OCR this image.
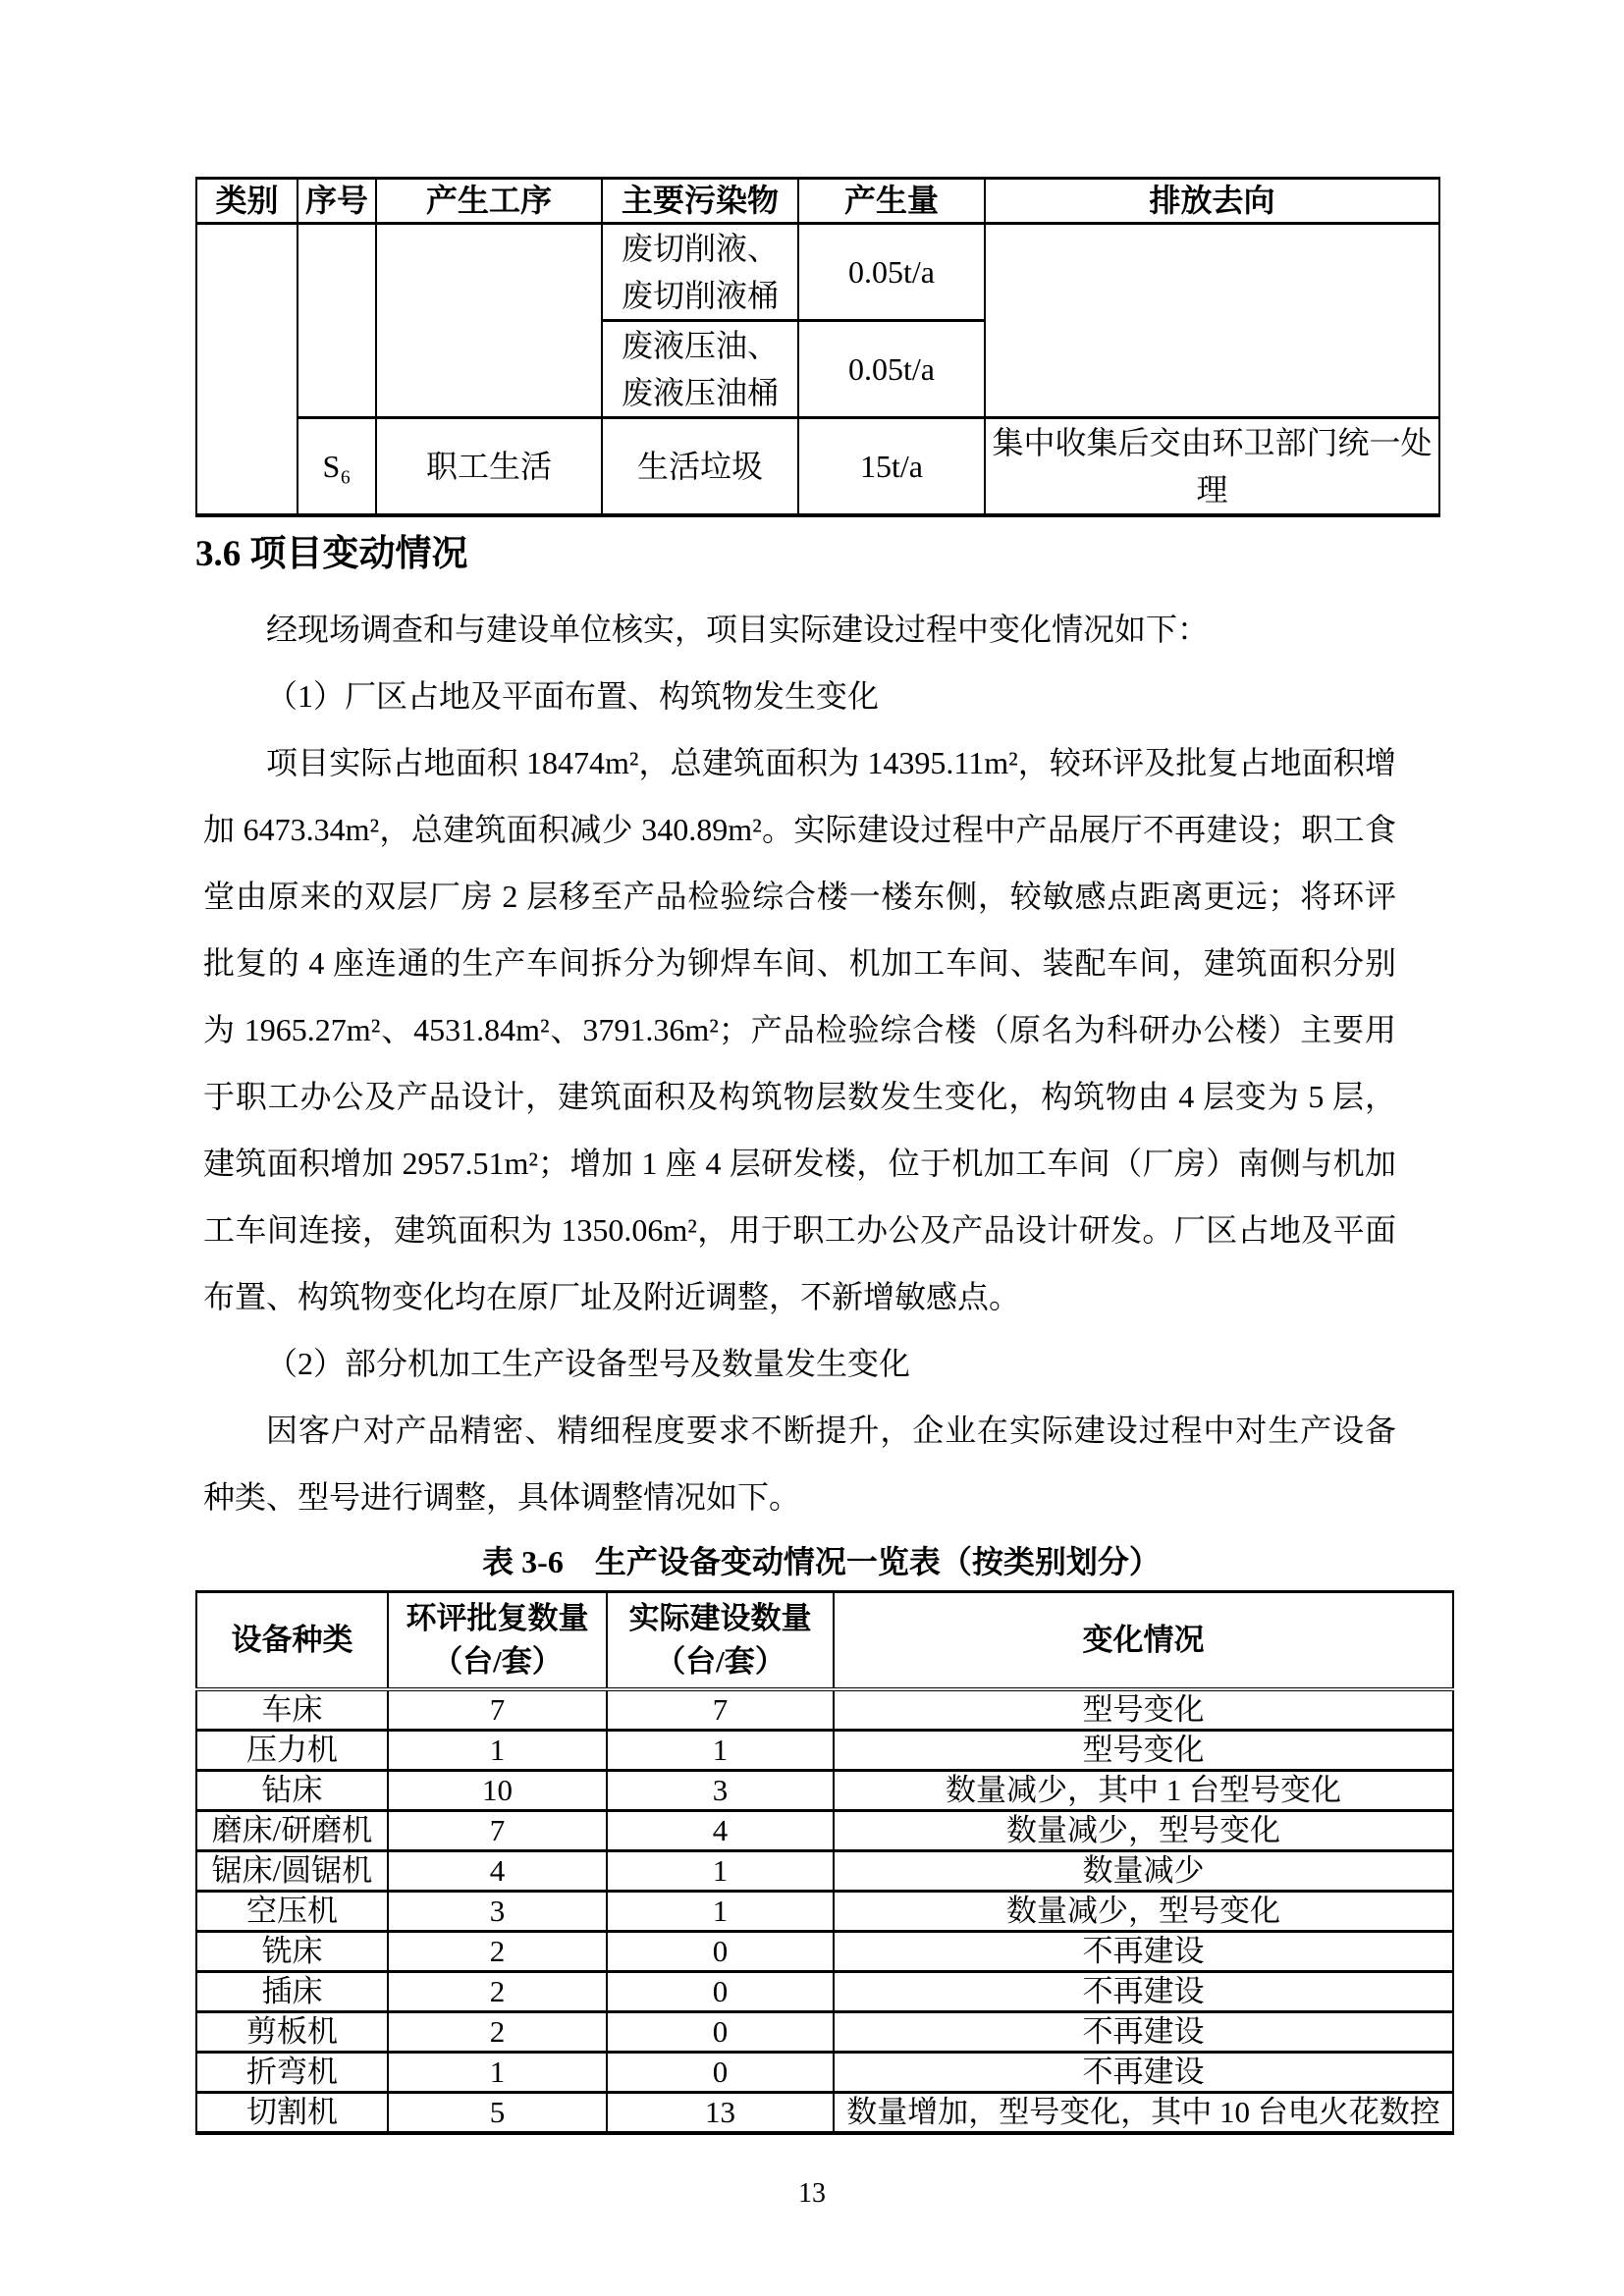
类别	序号	产生工序	主要污染物	产生量	排放去向
			废切削液、废切削液桶	0.05t/a	
			废液压油、废液压油桶	0.05t/a	
	S₆	职工生活	生活垃圾	15t/a	集中收集后交由环卫部门统一处理
3.6 项目变动情况

经现场调查和与建设单位核实，项目实际建设过程中变化情况如下：

（1）厂区占地及平面布置、构筑物发生变化

项目实际占地面积 18474m²，总建筑面积为 14395.11m²，较环评及批复占地面积增加 6473.34m²，总建筑面积减少 340.89m²。实际建设过程中产品展厅不再建设；职工食堂由原来的双层厂房 2 层移至产品检验综合楼一楼东侧，较敏感点距离更远；将环评批复的 4 座连通的生产车间拆分为铆焊车间、机加工车间、装配车间，建筑面积分别为 1965.27m²、4531.84m²、3791.36m²；产品检验综合楼（原名为科研办公楼）主要用于职工办公及产品设计，建筑面积及构筑物层数发生变化，构筑物由 4 层变为 5 层，建筑面积增加 2957.51m²；增加 1 座 4 层研发楼，位于机加工车间（厂房）南侧与机加工车间连接，建筑面积为 1350.06m²，用于职工办公及产品设计研发。厂区占地及平面布置、构筑物变化均在原厂址及附近调整，不新增敏感点。

（2）部分机加工生产设备型号及数量发生变化

因客户对产品精密、精细程度要求不断提升，企业在实际建设过程中对生产设备种类、型号进行调整，具体调整情况如下。

表 3-6　生产设备变动情况一览表（按类别划分）
设备种类	环评批复数量（台/套）	实际建设数量（台/套）	变化情况
车床	7	7	型号变化
压力机	1	1	型号变化
钻床	10	3	数量减少，其中 1 台型号变化
磨床/研磨机	7	4	数量减少，型号变化
锯床/圆锯机	4	1	数量减少
空压机	3	1	数量减少，型号变化
铣床	2	0	不再建设
插床	2	0	不再建设
剪板机	2	0	不再建设
折弯机	1	0	不再建设
切割机	5	13	数量增加，型号变化，其中 10 台电火花数控
13
